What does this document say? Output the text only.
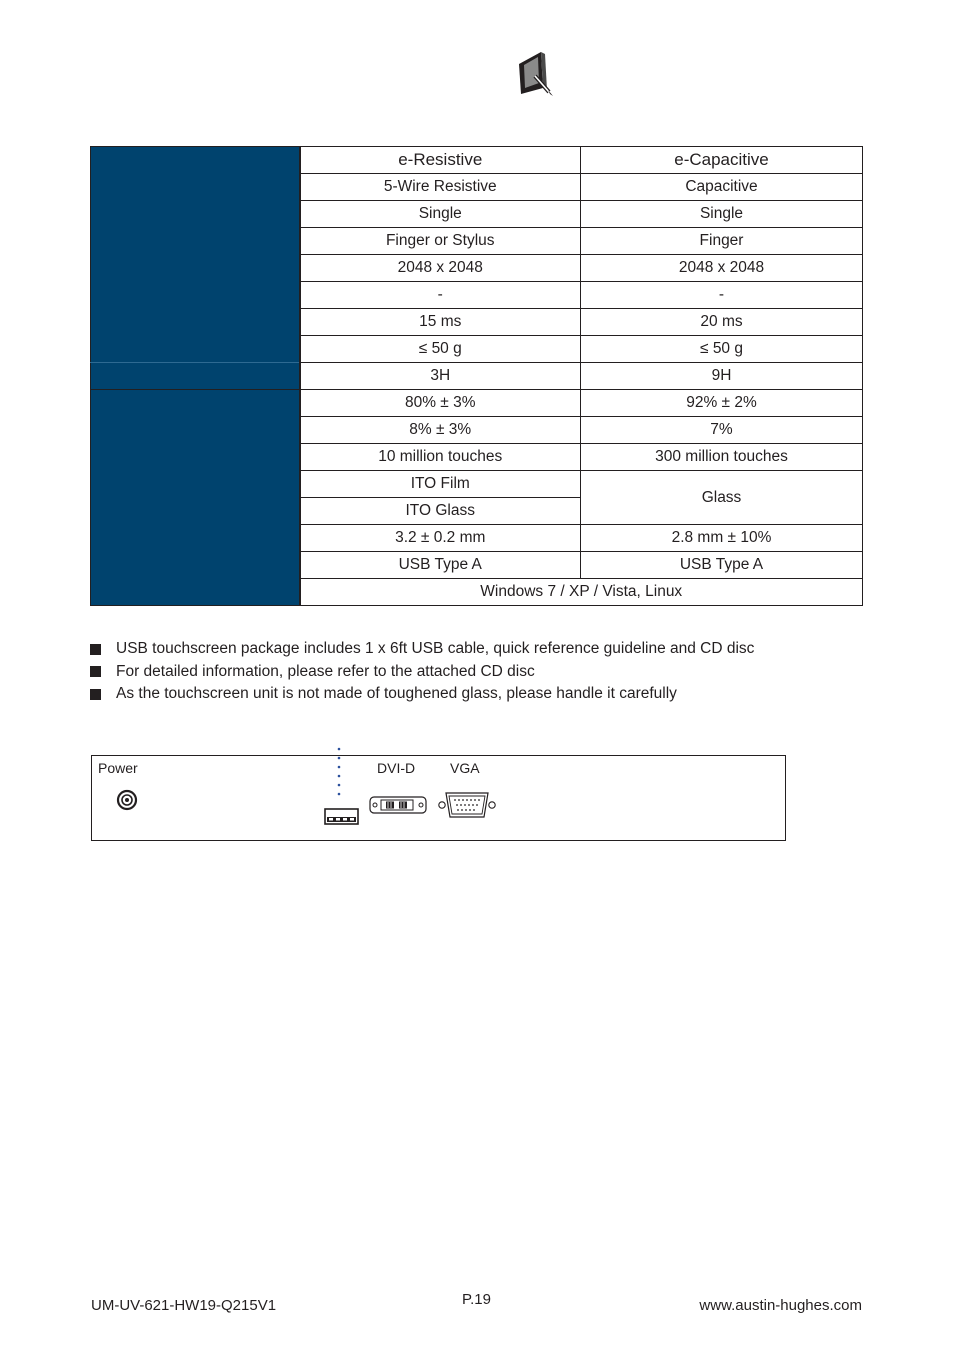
	e-Resistive	e-Capacitive
	5-Wire Resistive	Capacitive
	Single	Single
	Finger or Stylus	Finger
	2048 x 2048	2048 x 2048
	-	-
	15 ms	20 ms
	≤ 50 g	≤ 50 g
	3H	9H
	80% ± 3%	92% ± 2%
	8% ± 3%	7%
	10 million touches	300 million touches
	ITO Film	Glass
	ITO Glass	
	3.2 ± 0.2 mm	2.8 mm ± 10%
	USB Type A	USB Type A
	Windows 7 / XP / Vista, Linux	
USB touchscreen package includes 1 x 6ft USB cable, quick reference guideline and CD disc
For detailed information, please refer to the attached CD disc
As the touchscreen unit is not made of toughened glass, please handle it carefully
Power	DVI-D VGA
UM-UV-621-HW19-Q215V1	P.19	www.austin-hughes.com
